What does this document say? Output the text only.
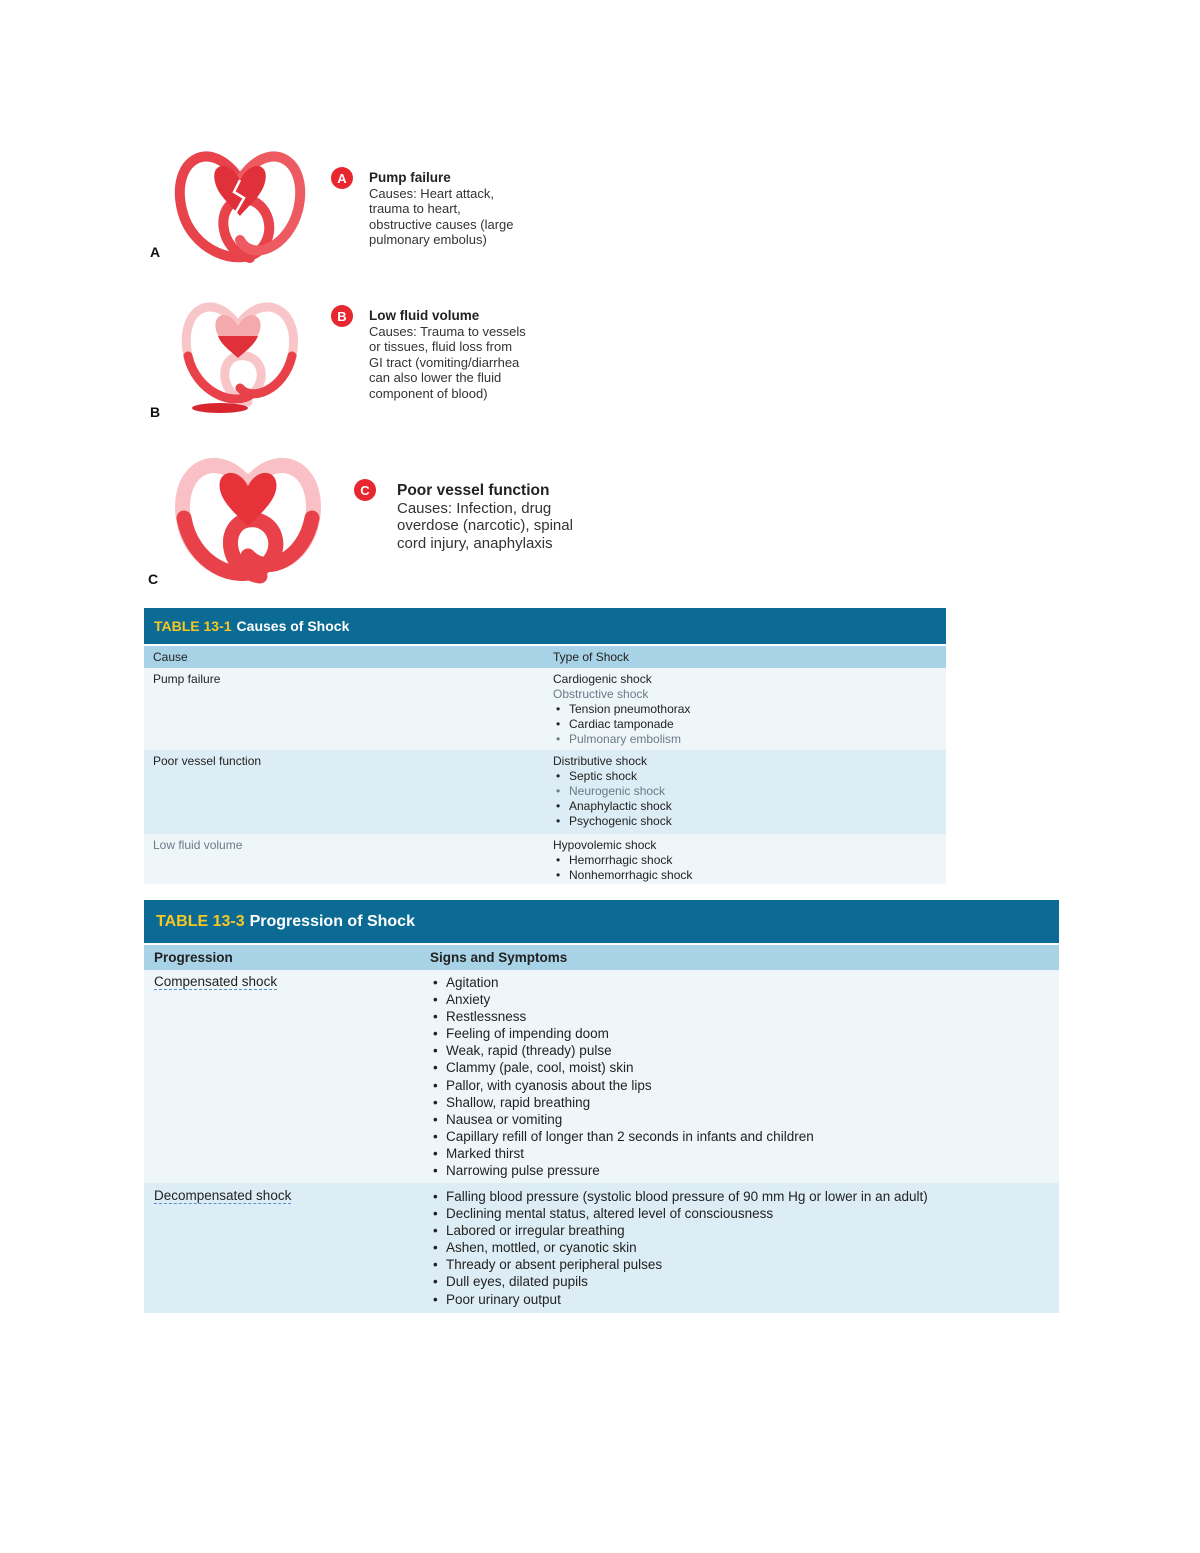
A
A	Pump failure
Causes: Heart attack,
trauma to heart,
obstructive causes (large
pulmonary embolus)
B
B	Low fluid volume
Causes: Trauma to vessels
or tissues, fluid loss from
GI tract (vomiting/diarrhea
can also lower the fluid
component of blood)
C
C	Poor vessel function
Causes: Infection, drug
overdose (narcotic), spinal
cord injury, anaphylaxis
TABLE 13-1 Causes of Shock
Cause	Type of Shock
Pump failure	Cardiogenic shock
Obstructive shock
• Tension pneumothorax
• Cardiac tamponade
• Pulmonary embolism
Poor vessel function	Distributive shock
• Septic shock
• Neurogenic shock
• Anaphylactic shock
• Psychogenic shock
Low fluid volume	Hypovolemic shock
• Hemorrhagic shock
• Nonhemorrhagic shock
TABLE 13-3 Progression of Shock
Progression	Signs and Symptoms
Compensated shock	• Agitation
• Anxiety
• Restlessness
• Feeling of impending doom
• Weak, rapid (thready) pulse
• Clammy (pale, cool, moist) skin
• Pallor, with cyanosis about the lips
• Shallow, rapid breathing
• Nausea or vomiting
• Capillary refill of longer than 2 seconds in infants and children
• Marked thirst
• Narrowing pulse pressure
Decompensated shock	• Falling blood pressure (systolic blood pressure of 90 mm Hg or lower in an adult)
• Declining mental status, altered level of consciousness
• Labored or irregular breathing
• Ashen, mottled, or cyanotic skin
• Thready or absent peripheral pulses
• Dull eyes, dilated pupils
• Poor urinary output
